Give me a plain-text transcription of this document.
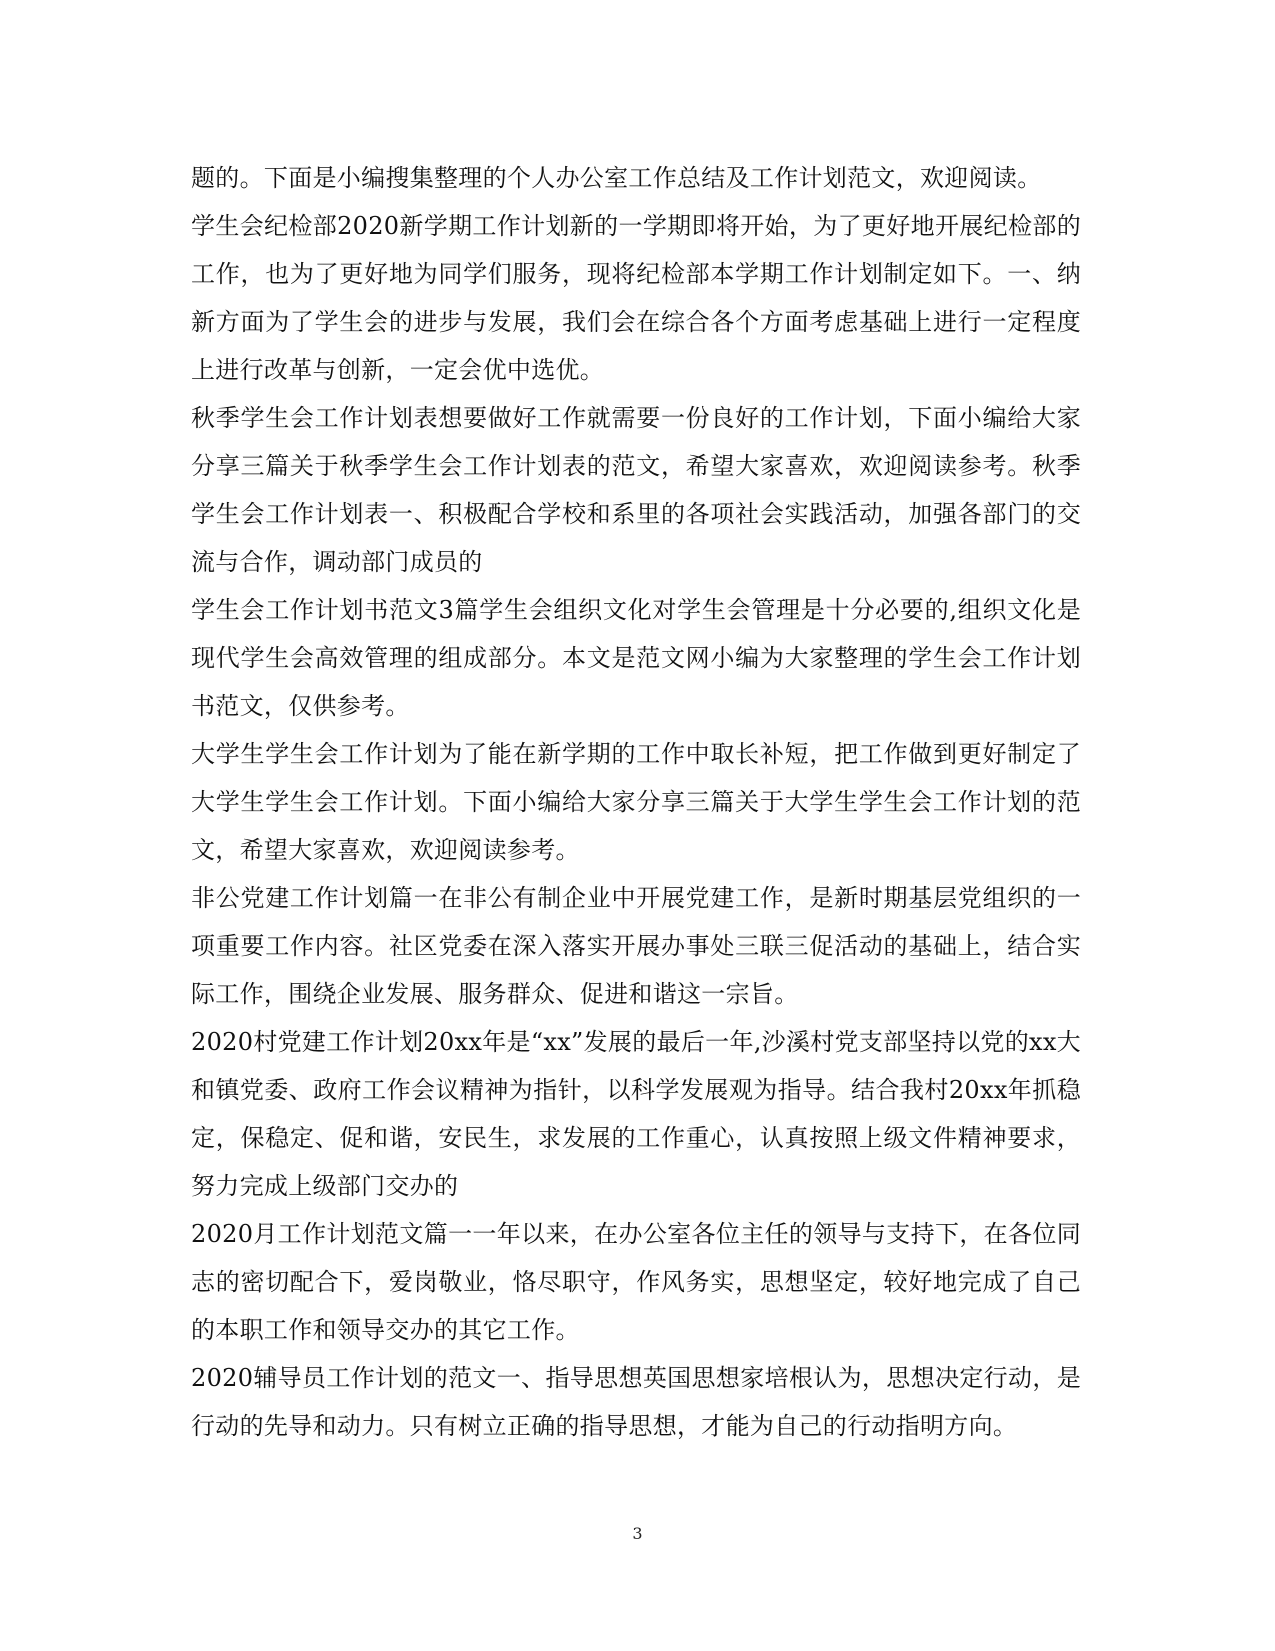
题的。下面是小编搜集整理的个人办公室工作总结及工作计划范文，欢迎阅读。

学生会纪检部2020新学期工作计划新的一学期即将开始，为了更好地开展纪检部的工作，也为了更好地为同学们服务，现将纪检部本学期工作计划制定如下。一、纳新方面为了学生会的进步与发展，我们会在综合各个方面考虑基础上进行一定程度上进行改革与创新，一定会优中选优。

秋季学生会工作计划表想要做好工作就需要一份良好的工作计划，下面小编给大家分享三篇关于秋季学生会工作计划表的范文，希望大家喜欢，欢迎阅读参考。秋季学生会工作计划表一、积极配合学校和系里的各项社会实践活动，加强各部门的交流与合作，调动部门成员的

学生会工作计划书范文3篇学生会组织文化对学生会管理是十分必要的,组织文化是现代学生会高效管理的组成部分。本文是范文网小编为大家整理的学生会工作计划书范文，仅供参考。

大学生学生会工作计划为了能在新学期的工作中取长补短，把工作做到更好制定了大学生学生会工作计划。下面小编给大家分享三篇关于大学生学生会工作计划的范文，希望大家喜欢，欢迎阅读参考。

非公党建工作计划篇一在非公有制企业中开展党建工作，是新时期基层党组织的一项重要工作内容。社区党委在深入落实开展办事处三联三促活动的基础上，结合实际工作，围绕企业发展、服务群众、促进和谐这一宗旨。

2020村党建工作计划20xx年是“xx”发展的最后一年,沙溪村党支部坚持以党的xx大和镇党委、政府工作会议精神为指针，以科学发展观为指导。结合我村20xx年抓稳定，保稳定、促和谐，安民生，求发展的工作重心，认真按照上级文件精神要求，努力完成上级部门交办的

2020月工作计划范文篇一一年以来，在办公室各位主任的领导与支持下，在各位同志的密切配合下，爱岗敬业，恪尽职守，作风务实，思想坚定，较好地完成了自己的本职工作和领导交办的其它工作。

2020辅导员工作计划的范文一、指导思想英国思想家培根认为，思想决定行动，是行动的先导和动力。只有树立正确的指导思想，才能为自己的行动指明方向。

3
